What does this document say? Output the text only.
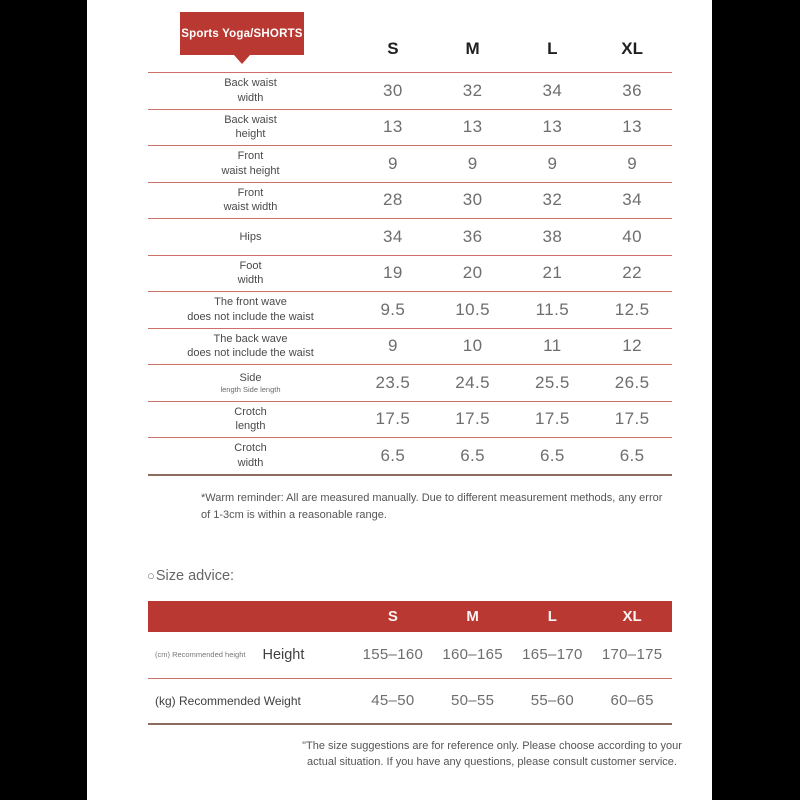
Sports Yoga/SHORTS
S	M	L	XL
Back waist
width	30	32	34	36
Back waist
height	13	13	13	13
Front
waist height	9	9	9	9
Front
waist width	28	30	32	34
Hips	34	36	38	40
Foot
width	19	20	21	22
The front wave
does not include the waist	9.5	10.5	11.5	12.5
The back wave
does not include the waist	9	10	11	12
Side
length Side length	23.5	24.5	25.5	26.5
Crotch
length	17.5	17.5	17.5	17.5
Crotch
width	6.5	6.5	6.5	6.5

*Warm reminder: All are measured manually. Due to different measurement methods, any error of 1-3cm is within a reasonable range.

○ Size advice:
S	M	L	XL
(cm) Recommended height Height	155–160	160–165	165–170	170–175
(kg) Recommended Weight	45–50	50–55	55–60	60–65

"The size suggestions are for reference only. Please choose according to your actual situation. If you have any questions, please consult customer service.
